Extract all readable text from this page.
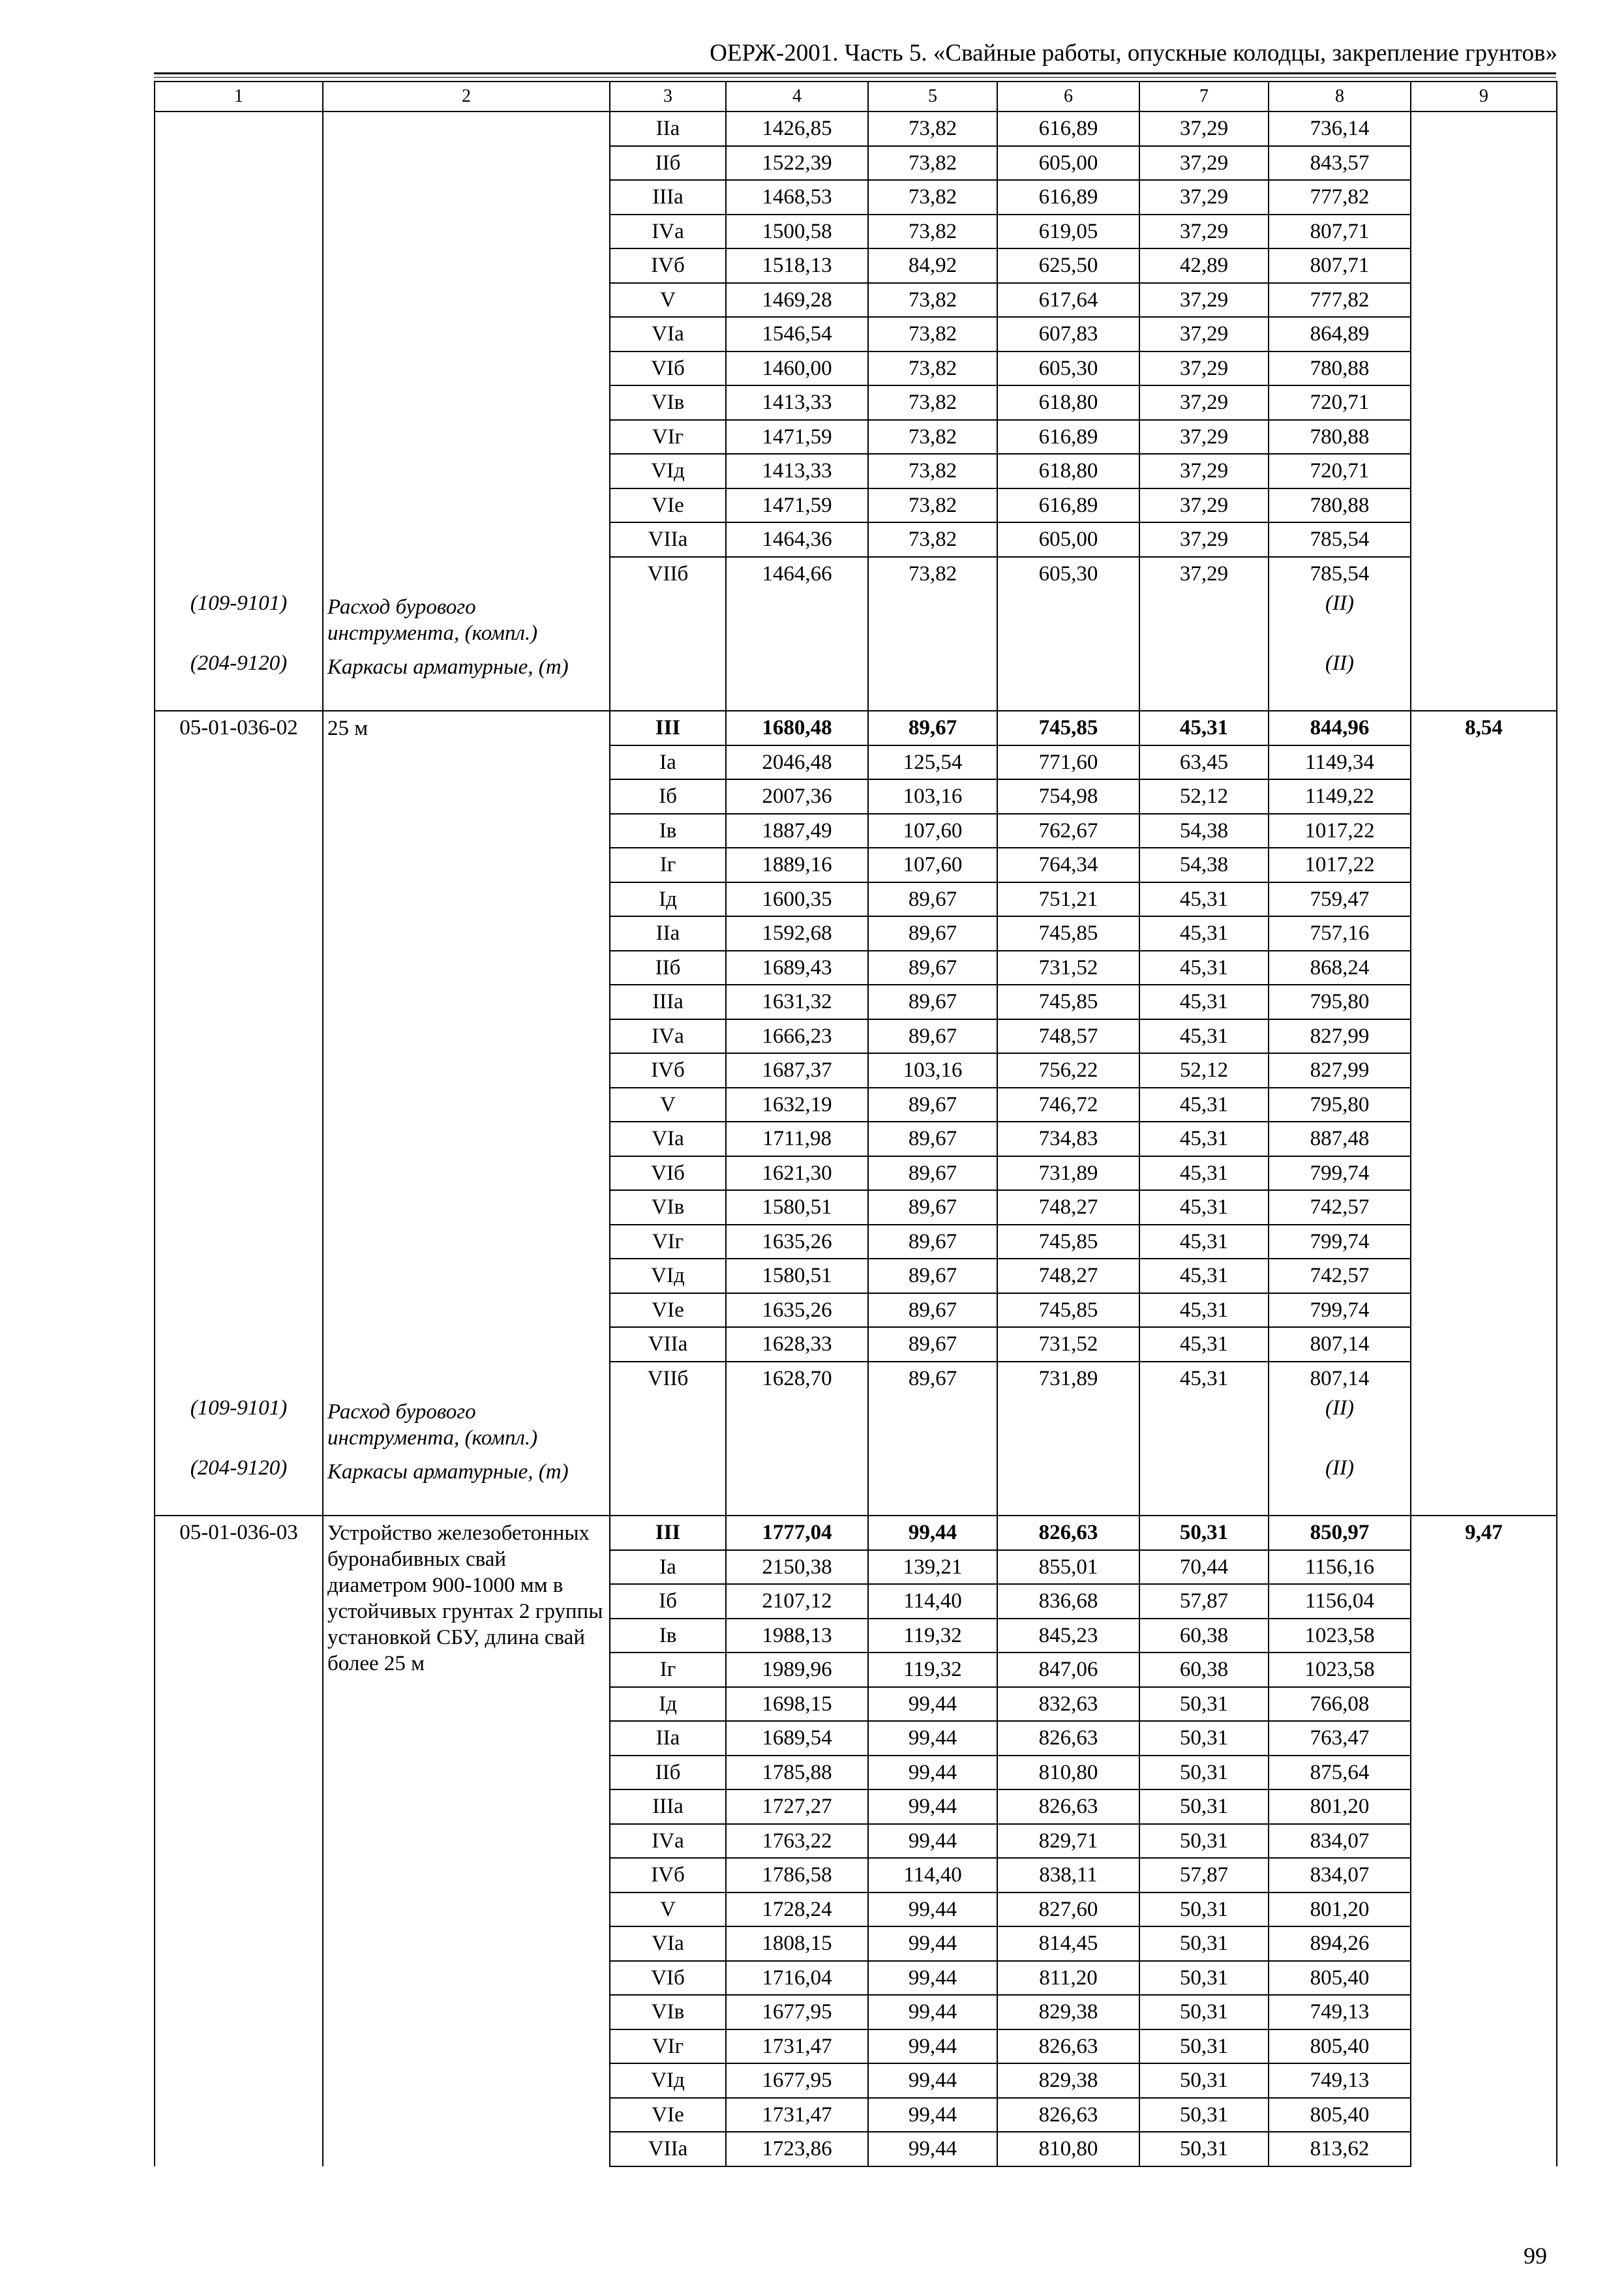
ОЕРЖ-2001. Часть 5. «Свайные работы, опускные колодцы, закрепление грунтов»
1	2	3	4	5	6	7	8	9
		IIа	1426,85	73,82	616,89	37,29	736,14	
		IIб	1522,39	73,82	605,00	37,29	843,57	
		IIIа	1468,53	73,82	616,89	37,29	777,82	
		IVа	1500,58	73,82	619,05	37,29	807,71	
		IVб	1518,13	84,92	625,50	42,89	807,71	
		V	1469,28	73,82	617,64	37,29	777,82	
		VIа	1546,54	73,82	607,83	37,29	864,89	
		VIб	1460,00	73,82	605,30	37,29	780,88	
		VIв	1413,33	73,82	618,80	37,29	720,71	
		VIг	1471,59	73,82	616,89	37,29	780,88	
		VIд	1413,33	73,82	618,80	37,29	720,71	
		VIе	1471,59	73,82	616,89	37,29	780,88	
		VIIа	1464,36	73,82	605,00	37,29	785,54	
		VIIб	1464,66	73,82	605,30	37,29	785,54	
(109-9101)	Расход бурового инструмента, (компл.)						(II)	
(204-9120)	Каркасы арматурные, (т)						(II)	
05-01-036-02	25 м	III	1680,48	89,67	745,85	45,31	844,96	8,54
		Iа	2046,48	125,54	771,60	63,45	1149,34	
		Iб	2007,36	103,16	754,98	52,12	1149,22	
		Iв	1887,49	107,60	762,67	54,38	1017,22	
		Iг	1889,16	107,60	764,34	54,38	1017,22	
		Iд	1600,35	89,67	751,21	45,31	759,47	
		IIа	1592,68	89,67	745,85	45,31	757,16	
		IIб	1689,43	89,67	731,52	45,31	868,24	
		IIIа	1631,32	89,67	745,85	45,31	795,80	
		IVа	1666,23	89,67	748,57	45,31	827,99	
		IVб	1687,37	103,16	756,22	52,12	827,99	
		V	1632,19	89,67	746,72	45,31	795,80	
		VIа	1711,98	89,67	734,83	45,31	887,48	
		VIб	1621,30	89,67	731,89	45,31	799,74	
		VIв	1580,51	89,67	748,27	45,31	742,57	
		VIг	1635,26	89,67	745,85	45,31	799,74	
		VIд	1580,51	89,67	748,27	45,31	742,57	
		VIе	1635,26	89,67	745,85	45,31	799,74	
		VIIа	1628,33	89,67	731,52	45,31	807,14	
		VIIб	1628,70	89,67	731,89	45,31	807,14	
(109-9101)	Расход бурового инструмента, (компл.)						(II)	
(204-9120)	Каркасы арматурные, (т)						(II)	
05-01-036-03	Устройство железобетонных буронабивных свай диаметром 900-1000 мм в устойчивых грунтах 2 группы установкой СБУ, длина свай более 25 м	III	1777,04	99,44	826,63	50,31	850,97	9,47
		Iа	2150,38	139,21	855,01	70,44	1156,16	
		Iб	2107,12	114,40	836,68	57,87	1156,04	
		Iв	1988,13	119,32	845,23	60,38	1023,58	
		Iг	1989,96	119,32	847,06	60,38	1023,58	
		Iд	1698,15	99,44	832,63	50,31	766,08	
		IIа	1689,54	99,44	826,63	50,31	763,47	
		IIб	1785,88	99,44	810,80	50,31	875,64	
		IIIа	1727,27	99,44	826,63	50,31	801,20	
		IVа	1763,22	99,44	829,71	50,31	834,07	
		IVб	1786,58	114,40	838,11	57,87	834,07	
		V	1728,24	99,44	827,60	50,31	801,20	
		VIа	1808,15	99,44	814,45	50,31	894,26	
		VIб	1716,04	99,44	811,20	50,31	805,40	
		VIв	1677,95	99,44	829,38	50,31	749,13	
		VIг	1731,47	99,44	826,63	50,31	805,40	
		VIд	1677,95	99,44	829,38	50,31	749,13	
		VIе	1731,47	99,44	826,63	50,31	805,40	
		VIIа	1723,86	99,44	810,80	50,31	813,62	
99
